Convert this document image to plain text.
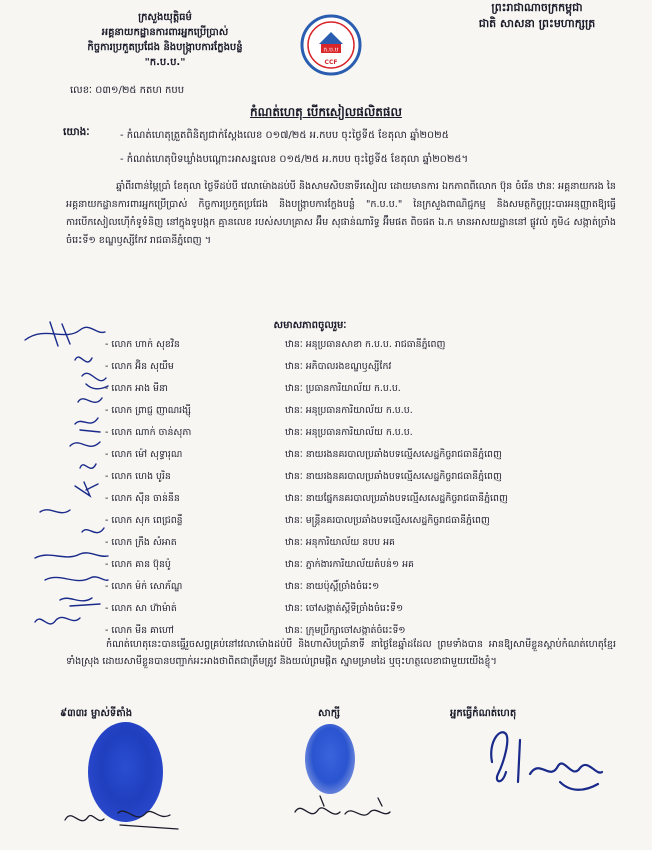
ក្រសួងយុត្តិធម៌
អគ្គនាយកដ្ឋានការពារអ្នកប្រើប្រាស់
កិច្ចការប្រកួតប្រជែង និងបង្ក្រាបការក្លែងបន្លំ
"ក.ប.ប."
ព្រះរាជាណាចក្រកម្ពុជា
ជាតិ សាសនា ព្រះមហាក្សត្រ
ក.ប.ប
CCF
លេខៈ ០៣១/២៥ កតហ កបប
កំណត់ហេតុ បើកសៀលផលិតផល
យោងៈ	- កំណត់ហេតុត្រួតពិនិត្យជាក់ស្ដែងលេខ ០១៧/២៥ អ.កបប ចុះថ្ងៃទី៥ ខែតុលា ឆ្នាំ២០២៥
- កំណត់ហេតុបិទឃ្លាំងបណ្ដោះអាសន្នលេខ ០១៥/២៥ អ.កបប ចុះថ្ងៃទី៥ ខែតុលា ឆ្នាំ២០២៥។
ឆ្នាំពីរពាន់ម្ភៃប្រាំ ខែតុលា ថ្ងៃទីដប់បី វេលាម៉ោងដប់បី និងសាមសិបនាទីរសៀល ដោយមានការ ឯកភាពពីលោក ប៊ុន ចំរើន ឋានៈ អគ្គនាយករង នៃអគ្គនាយកដ្ឋានការពារអ្នកប្រើប្រាស់ កិច្ចការប្រកួតប្រជែង និងបង្ក្រាបការក្លែងបន្លំ "ក.ប.ប." នៃក្រសួងពាណិជ្ជកម្ម និងសមត្ថកិច្ចប្រុះបារអនុញ្ញាតឱ្យធ្វើការបើកសៀលហ៊ើកំទូទំនិញ នៅក្នុងទូបង្កក គ្មានលេខ របស់សហគ្រាស អ៊ឹម សុផាន់ណារិទ្ធ អ៊ឹមផត ពិចផត ឯ.ក មានអាសយដ្ឋាននៅ ផ្លូវលំ ភូមិ៤ សង្កាត់ច្រាំងចំរេះទី១ ខណ្ឌឫស្សីកែវ រាជធានីភ្នំពេញ ។
សមាសភាពចូលរួមៈ
- លោក ហាក់ សុខវិន	ឋានៈ អនុប្រធានសាខា ក.ប.ប. រាជធានីភ្នំពេញ
- លោក អ៊ិន សុយឹម	ឋានៈ អភិបាលរងខណ្ឌឫស្សីកែវ
- លោក អាង មីនា	ឋានៈ ប្រធានការិយាល័យ ក.ប.ប.
- លោក ព្រាជ្ញ ញាណរង្ស៊ី	ឋានៈ អនុប្រធានការិយាល័យ ក.ប.ប.
- លោក ណាក់ ចាន់សុភា	ឋានៈ អនុប្រធានការិយាល័យ ក.ប.ប.
- លោក ម៉ៅ សុទ្ធារុណ	ឋានៈ នាយរងនគរបាលប្រឆាំងបទល្មើសសេដ្ឋកិច្ចរាជធានីភ្នំពេញ
- លោក ហេង បូរិន	ឋានៈ នាយរងនគរបាលប្រឆាំងបទល្មើសសេដ្ឋកិច្ចរាជធានីភ្នំពេញ
- លោក ស៊ីន ចាន់នីន	ឋានៈ នាយផ្នែកនគរបាលប្រឆាំងបទល្មើសសេដ្ឋកិច្ចរាជធានីភ្នំពេញ
- លោក សុក ពេជ្រពន្លឺ	ឋានៈ មន្ត្រីនគរបាលប្រឆាំងបទល្មើសសេដ្ឋកិច្ចរាជធានីភ្នំពេញ
- លោក ក្រឹង សំអាត	ឋានៈ អនុការិយាល័យ នបប អគ
- លោក គាន ប៊ុនប៉ូ	ឋានៈ ភ្នាក់ងារការិយាល័យតំបន់១ អគ
- លោក ម៉ក់ សោភ័ណ្ឌ	ឋានៈ នាយប៉ុស្តិ៍ច្រាំងចំរេះ១
- លោក សា ហ៊ាម៉ាត់	ឋានៈ ចៅសង្កាត់ស្ដីទីច្រាំងចំរេះទី១
- លោក មីន គាហៅ	ឋានៈ ក្រុមប្រឹក្សាចៅសង្កាត់ចំរេះទី១
កំណត់ហេតុនេះបានធ្វើរួចសព្វគ្រប់នៅវេលាម៉ោងដប់បី និងហាសិបប្រាំនាទី នាថ្ងៃខែឆ្នាំដដែល ព្រមទាំងបាន អានឱ្យសាមីខ្លួនស្ដាប់កំណត់ហេតុខ្មែរទាំងស្រុង ដោយសាមីខ្លួនបានបញ្ជាក់អះអាងថាពិតជាត្រឹមត្រូវ និងយល់ព្រមផ្ដិត ស្នាមម្រាមដៃ ឬចុះហត្ថលេខាជាមួយយើងខ្ញុំ។
៩៣៣រ ម្ចាស់ទីតាំង	សាក្សី	អ្នកធ្វើកំណត់ហេតុ
